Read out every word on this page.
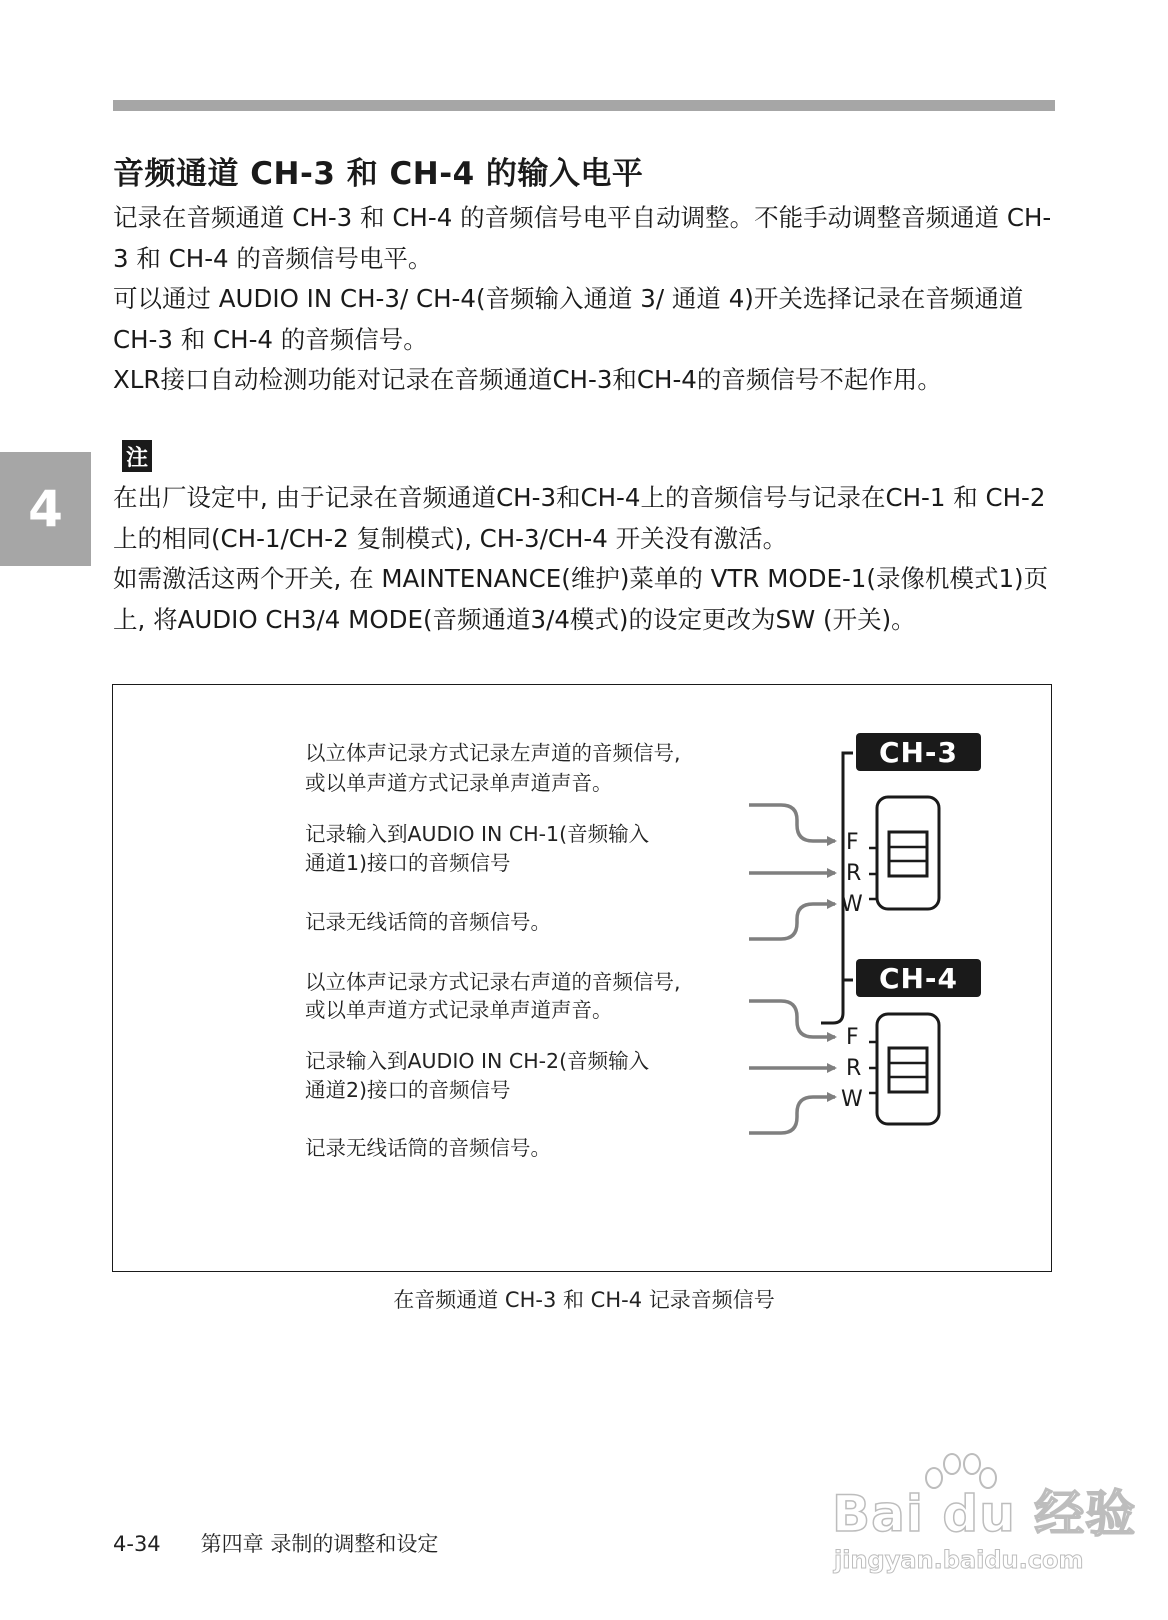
音频通道 CH-3 和 CH-4 的输入电平

记录在音频通道 CH-3 和 CH-4 的音频信号电平自动调整。不能手动调整音频通道 CH-3 和 CH-4 的音频信号电平。

可以通过 AUDIO IN CH-3/ CH-4(音频输入通道 3/ 通道 4)开关选择记录在音频通道 CH-3 和 CH-4 的音频信号。

XLR接口自动检测功能对记录在音频通道CH-3和CH-4的音频信号不起作用。

4
注

在出厂设定中, 由于记录在音频通道CH-3和CH-4上的音频信号与记录在CH-1 和 CH-2 上的相同(CH-1/CH-2 复制模式), CH-3/CH-4 开关没有激活。

如需激活这两个开关, 在 MAINTENANCE(维护)菜单的 VTR MODE-1(录像机模式1)页上, 将AUDIO CH3/4 MODE(音频通道3/4模式)的设定更改为SW (开关)。

以立体声记录方式记录左声道的音频信号,
或以单声道方式记录单声道声音。
记录输入到AUDIO IN CH-1(音频输入
通道1)接口的音频信号
记录无线话筒的音频信号。
以立体声记录方式记录右声道的音频信号,
或以单声道方式记录单声道声音。
记录输入到AUDIO IN CH-2(音频输入
通道2)接口的音频信号
记录无线话筒的音频信号。
CH-3
CH-4
F
R
W
F
R
W
在音频通道 CH-3 和 CH-4 记录音频信号
4-34 第四章 录制的调整和设定
Bai du 经验
jingyan.baidu.com
